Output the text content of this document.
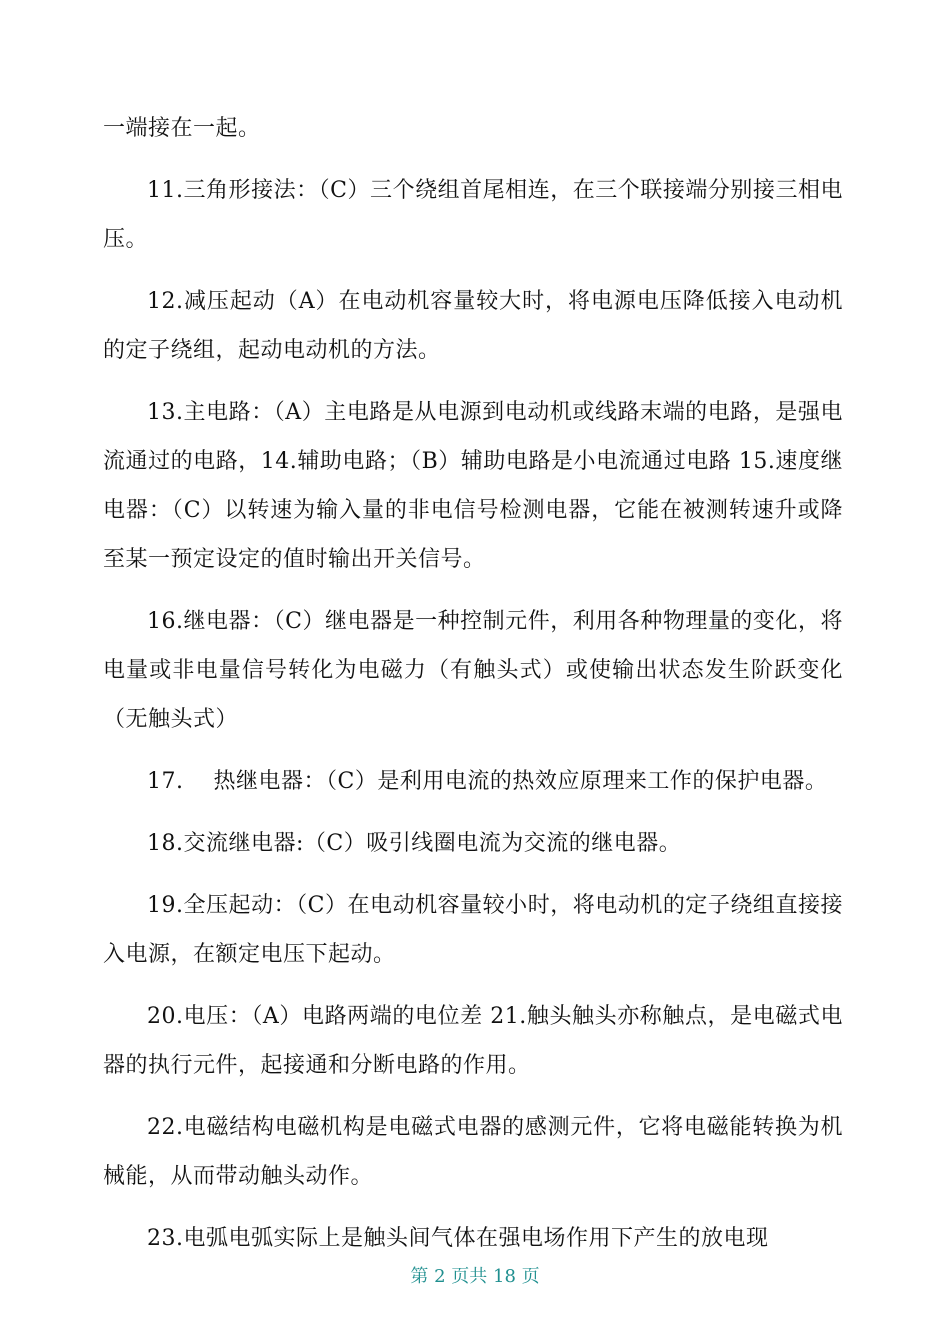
一端接在一起。

11.三角形接法：（C）三个绕组首尾相连，在三个联接端分别接三相电压。

12.减压起动（A）在电动机容量较大时，将电源电压降低接入电动机的定子绕组，起动电动机的方法。

13.主电路：（A）主电路是从电源到电动机或线路末端的电路，是强电流通过的电路，14.辅助电路；（B）辅助电路是小电流通过电路 15.速度继电器：（C）以转速为输入量的非电信号检测电器，它能在被测转速升或降至某一预定设定的值时输出开关信号。

16.继电器：（C）继电器是一种控制元件，利用各种物理量的变化，将电量或非电量信号转化为电磁力（有触头式）或使输出状态发生阶跃变化（无触头式）

17.　 热继电器：（C）是利用电流的热效应原理来工作的保护电器。

18.交流继电器:（C）吸引线圈电流为交流的继电器。

19.全压起动：（C）在电动机容量较小时，将电动机的定子绕组直接接入电源，在额定电压下起动。

20.电压：（A）电路两端的电位差 21.触头触头亦称触点，是电磁式电器的执行元件，起接通和分断电路的作用。

22.电磁结构电磁机构是电磁式电器的感测元件，它将电磁能转换为机械能，从而带动触头动作。

23.电弧电弧实际上是触头间气体在强电场作用下产生的放电现

第 2 页共 18 页
